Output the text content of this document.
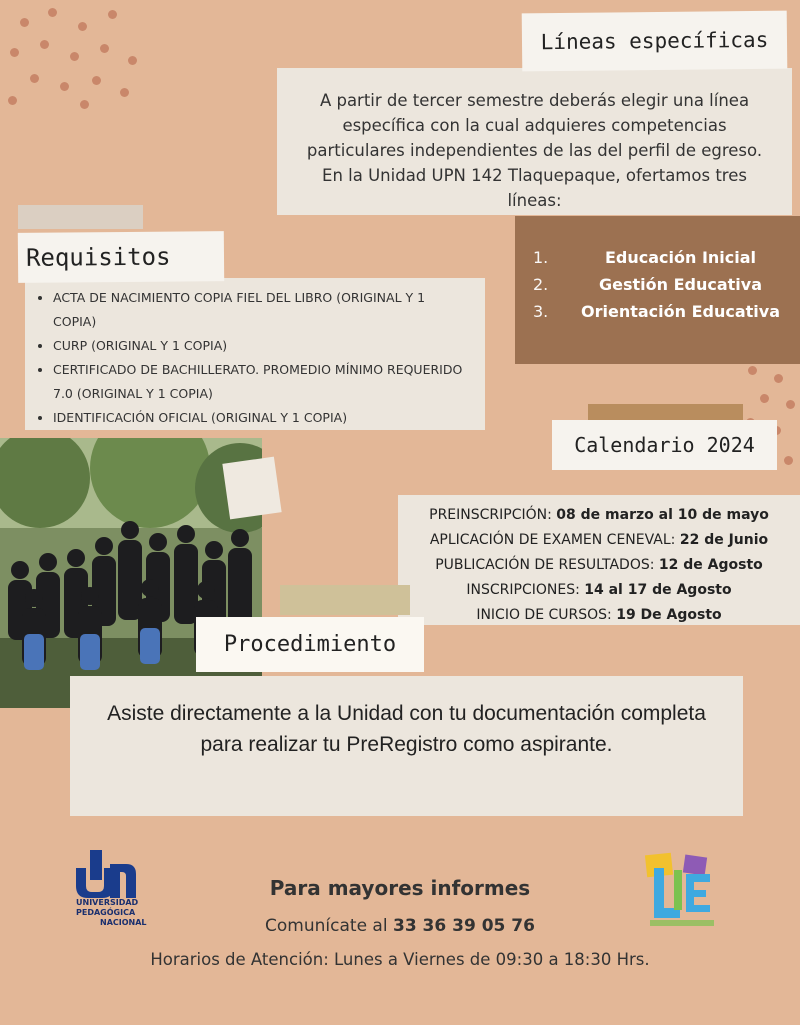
A partir de tercer semestre deberás elegir una línea específica con la cual adquieres competencias particulares independientes de las del perfil de egreso. En la Unidad UPN 142 Tlaquepaque, ofertamos tres líneas:
Líneas específicas
• ACTA DE NACIMIENTO COPIA FIEL DEL LIBRO (ORIGINAL Y 1 COPIA)
• CURP (ORIGINAL Y 1 COPIA)
• CERTIFICADO DE BACHILLERATO. PROMEDIO MÍNIMO REQUERIDO 7.0 (ORIGINAL Y 1 COPIA)
• IDENTIFICACIÓN OFICIAL (ORIGINAL Y 1 COPIA)
Requisitos	1.	Educación Inicial
2.	Gestión Educativa
3.	Orientación Educativa
Calendario 2024
PREINSCRIPCIÓN: 08 de marzo al 10 de mayo
APLICACIÓN DE EXAMEN CENEVAL: 22 de Junio
PUBLICACIÓN DE RESULTADOS: 12 de Agosto
INSCRIPCIONES: 14 al 17 de Agosto
INICIO DE CURSOS: 19 De Agosto
Asiste directamente a la Unidad con tu documentación completa para realizar tu PreRegistro como aspirante.
Procedimiento
UNIVERSIDAD
PEDAGÓGICA
NACIONAL
Para mayores informes
Comunícate al 33 36 39 05 76
Horarios de Atención: Lunes a Viernes de 09:30 a 18:30 Hrs.
